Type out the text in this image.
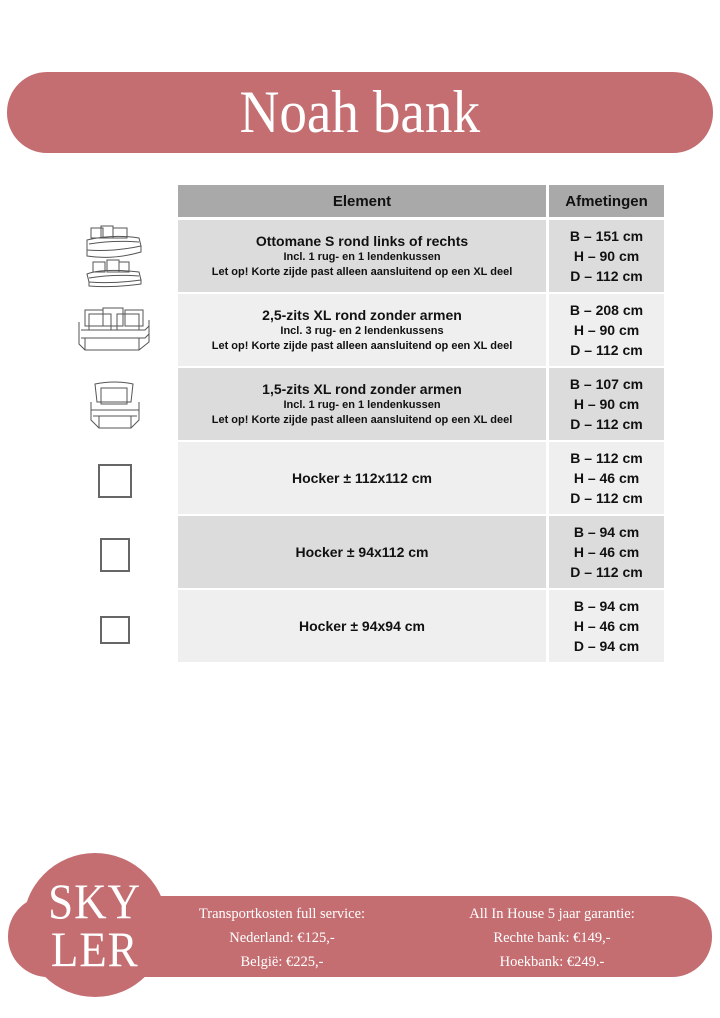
Noah bank
Element	Afmetingen
Ottomane S rond links of rechts
Incl. 1 rug- en 1 lendenkussen
Let op! Korte zijde past alleen aansluitend op een XL deel
B – 151 cm
H – 90 cm
D – 112 cm
2,5-zits XL rond zonder armen
Incl. 3 rug- en 2 lendenkussens
Let op! Korte zijde past alleen aansluitend op een XL deel
B – 208 cm
H – 90 cm
D – 112 cm
1,5-zits XL rond zonder armen
Incl. 1 rug- en 1 lendenkussen
Let op! Korte zijde past alleen aansluitend op een XL deel
B – 107 cm
H – 90 cm
D – 112 cm
Hocker ± 112x112 cm
B – 112 cm
H – 46 cm
D – 112 cm
Hocker ± 94x112 cm
B – 94 cm
H – 46 cm
D – 112 cm
Hocker ± 94x94 cm
B – 94 cm
H – 46 cm
D – 94 cm
SKY
LER
Transportkosten full service:
Nederland: €125,-
België: €225,-
All In House 5 jaar garantie:
Rechte bank: €149,-
Hoekbank: €249.-
